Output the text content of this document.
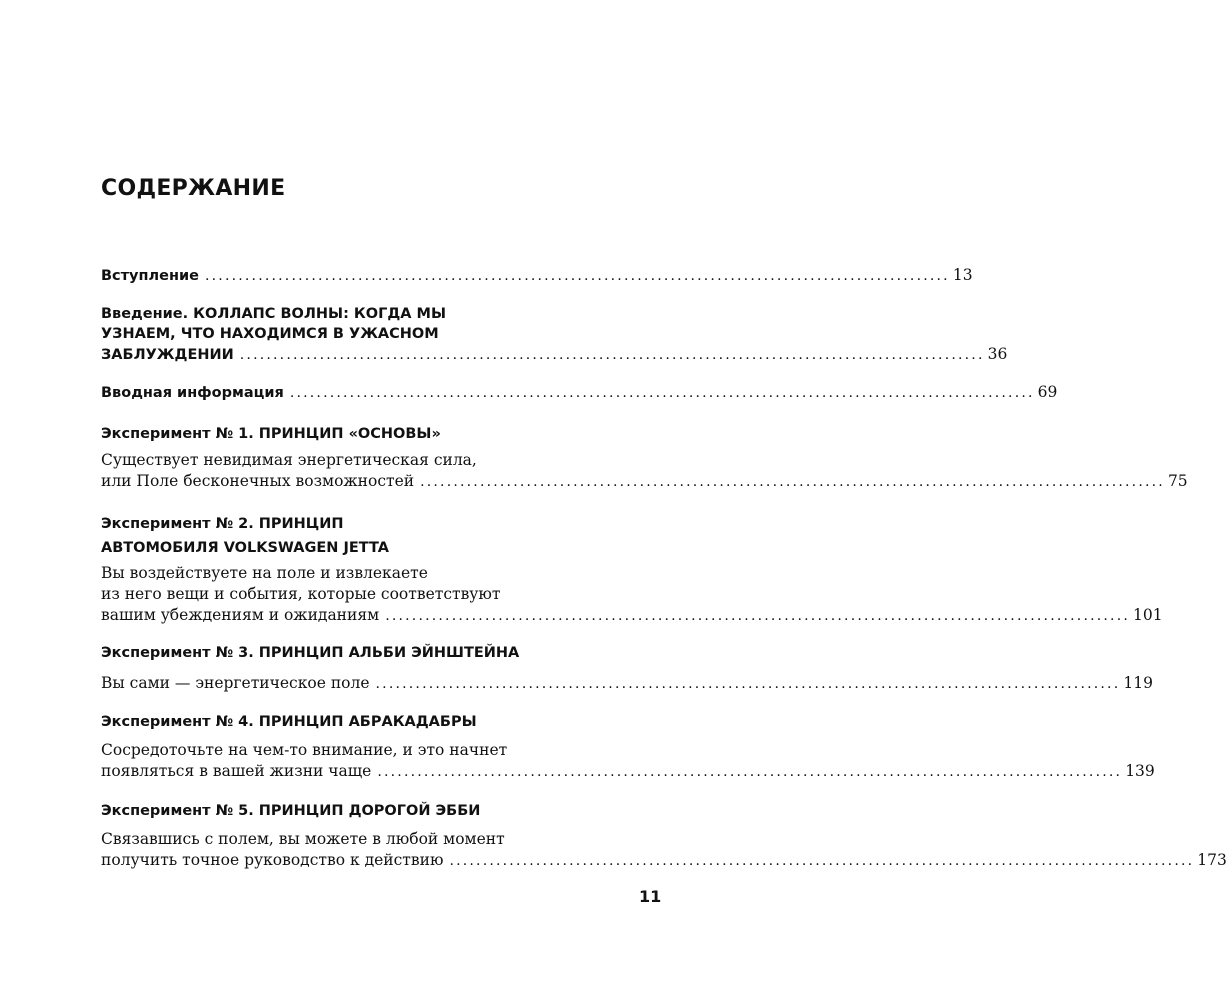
СОДЕРЖАНИЕ
Вступление ................................................................................................................ 13
Введение. КОЛЛАПС ВОЛНЫ: КОГДА МЫ
УЗНАЕМ, ЧТО НАХОДИМСЯ В УЖАСНОМ
ЗАБЛУЖДЕНИИ ................................................................................................................ 36
Вводная информация ................................................................................................................ 69
Эксперимент № 1. ПРИНЦИП «ОСНОВЫ»
Существует невидимая энергетическая сила,
или Поле бесконечных возможностей ................................................................................................................ 75
Эксперимент № 2. ПРИНЦИП
АВТОМОБИЛЯ VOLKSWAGEN JETTA
Вы воздействуете на поле и извлекаете
из него вещи и события, которые соответствуют
вашим убеждениям и ожиданиям ................................................................................................................ 101
Эксперимент № 3. ПРИНЦИП АЛЬБИ ЭЙНШТЕЙНА
Вы сами — энергетическое поле ................................................................................................................ 119
Эксперимент № 4. ПРИНЦИП АБРАКАДАБРЫ
Сосредоточьте на чем-то внимание, и это начнет
появляться в вашей жизни чаще ................................................................................................................ 139
Эксперимент № 5. ПРИНЦИП ДОРОГОЙ ЭББИ
Связавшись с полем, вы можете в любой момент
получить точное руководство к действию ................................................................................................................ 173
11
